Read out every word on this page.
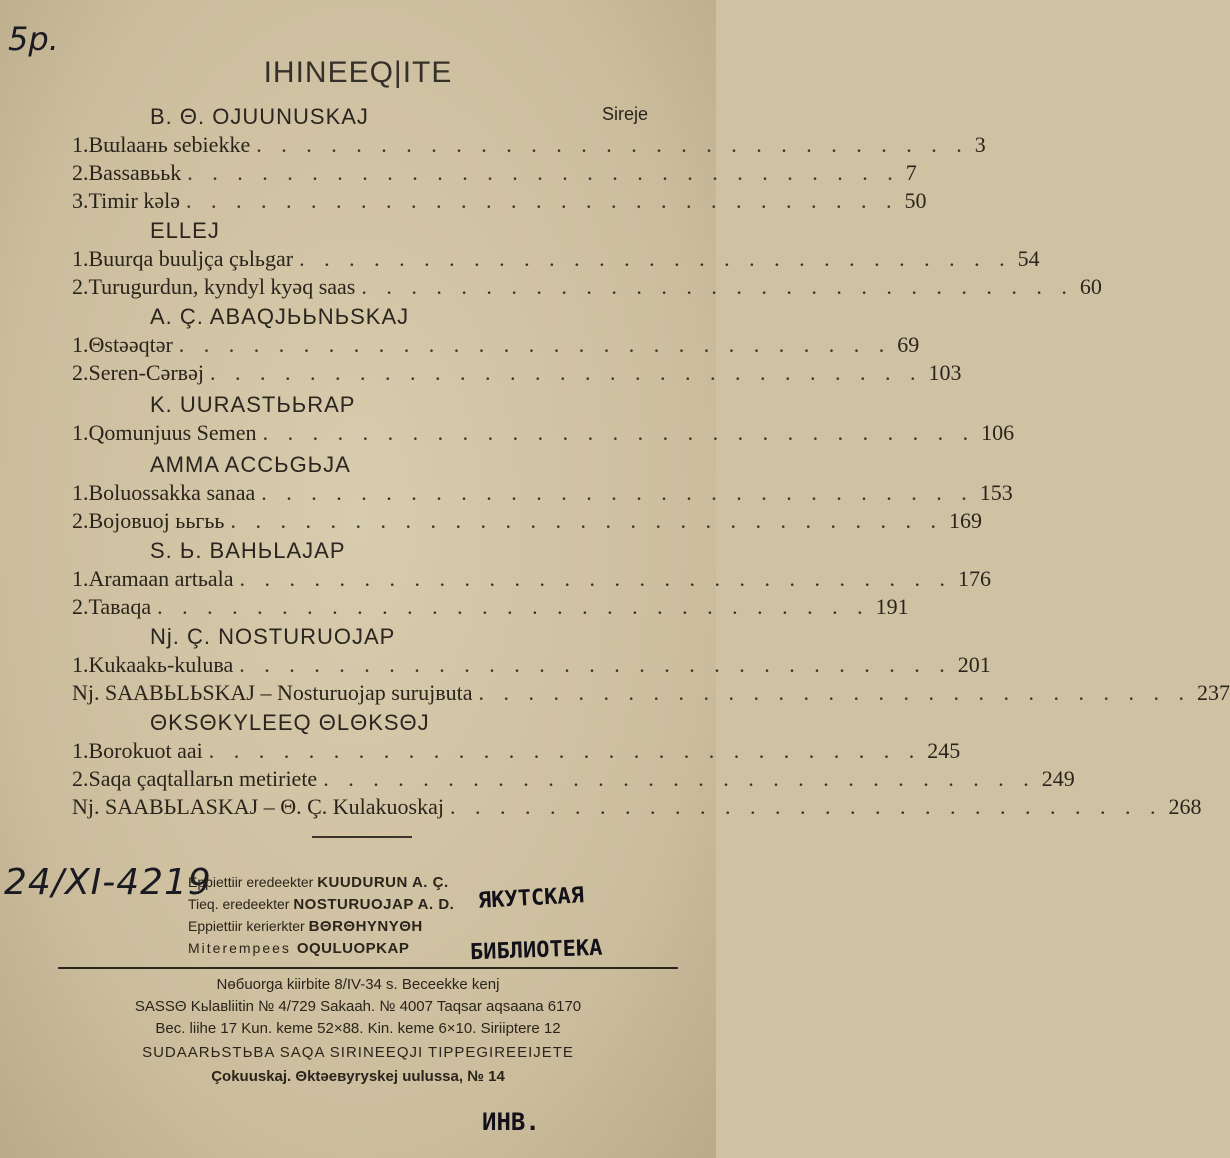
5р.
24/XI-4219
IHINEEQ|ITE
Sireje
B. Θ. OJUUNUSKAJ
1. Bɯlaaнь sebiekke . . . . . . . . . . . . . . . . . . . . . . . . . . . . . 3
2. Bassaвььk . . . . . . . . . . . . . . . . . . . . . . . . . . . . . 7
3. Timir kələ . . . . . . . . . . . . . . . . . . . . . . . . . . . . . 50
ELLEJ
1. Buurqa buulјça çьlьgar . . . . . . . . . . . . . . . . . . . . . . . . . . . . . 54
2. Turugurdun, kyndyl kyəq saas . . . . . . . . . . . . . . . . . . . . . . . . . . . . . 60
A. Ç. ABAQJЬЬNЬSKAJ
1. Θstəəqtər . . . . . . . . . . . . . . . . . . . . . . . . . . . . . 69
2. Seren-Cərвəj . . . . . . . . . . . . . . . . . . . . . . . . . . . . . 103
K. UURASTЬЬRAP
1. Qomunjuus Semen . . . . . . . . . . . . . . . . . . . . . . . . . . . . . 106
AMMA ACCЬGЬJA
1. Boluossakka sanaa . . . . . . . . . . . . . . . . . . . . . . . . . . . . . 153
2. Bojoвuoj ььгьь . . . . . . . . . . . . . . . . . . . . . . . . . . . . . 169
S. Ь. BAHЬLAJAP
1. Aramaan artьala . . . . . . . . . . . . . . . . . . . . . . . . . . . . . 176
2. Taвaqa . . . . . . . . . . . . . . . . . . . . . . . . . . . . . 191
Nj. Ç. NOSTURUOJAP
1. Kukaakь-kuluва . . . . . . . . . . . . . . . . . . . . . . . . . . . . . 201
Nj. SAABЬLЬSKAJ – Nosturuojap suruјвuta . . . . . . . . . . . . . . . . . . . . . . . . . . . . . 237
ΘKSΘKYLEEQ ΘLΘKSΘJ
1. Borokuot aai . . . . . . . . . . . . . . . . . . . . . . . . . . . . . 245
2. Saqa çaqtallarьn metiriete . . . . . . . . . . . . . . . . . . . . . . . . . . . . . 249
Nj. SAABЬLASKAJ – Θ. Ç. Kulakuoskaj . . . . . . . . . . . . . . . . . . . . . . . . . . . . . 268
Eppiettiir eredeekter KUUDURUN A. Ç.
Tieq. eredeekter NOSTURUOJAP A. D.
Eppiettiir kerierkter BΘRΘHYNYΘH
Miterempees OQULUOPKAP
ЯКУТСКАЯ
БИБЛИОТЕКА
Nɵбuorga kiirbite 8/IV-34 s. Beceekke kenj
SASSΘ Kьlaвliitin № 4/729 Sakaah. № 4007 Taqsar aqsaana 6170
Bec. liihe 17 Kun. keme 52×88. Kin. keme 6×10. Siriiptere 12
SUDAARЬSTЬBA SAQA SIRINEEQJI TIPPEGIRЕЕIJETE
Çokuuskaj. Θktəeвyryskej uulussa, № 14
ИНВ.
